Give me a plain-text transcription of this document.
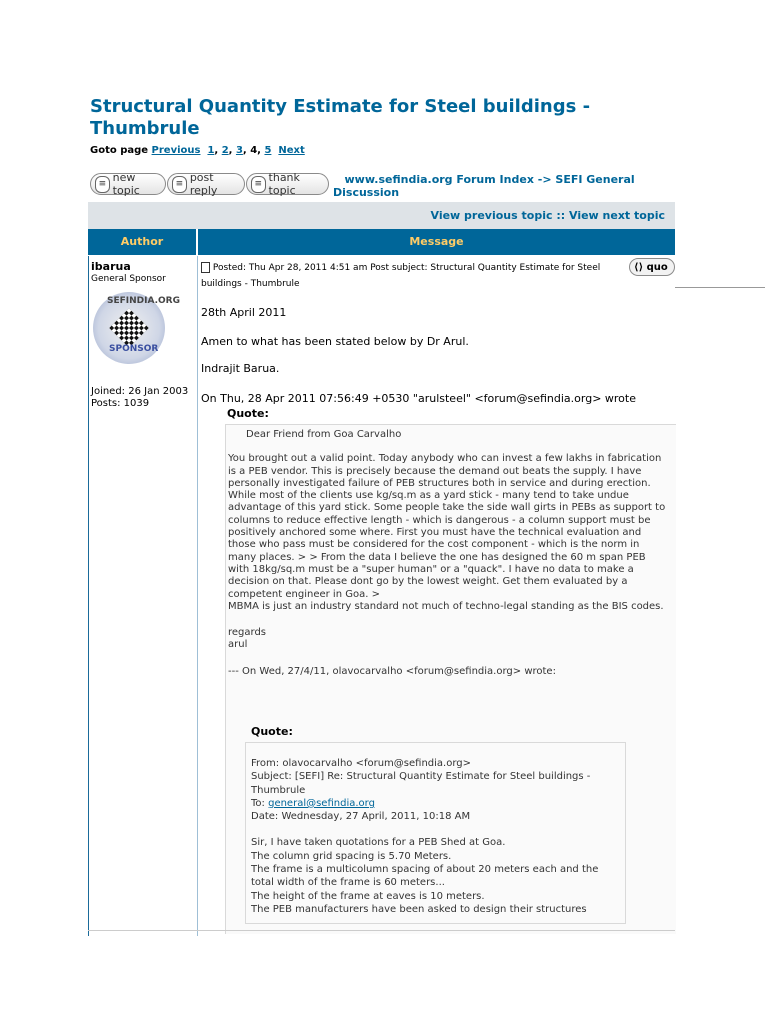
Structural Quantity Estimate for Steel buildings - Thumbrule
Goto page Previous 1, 2, 3, 4, 5 Next
≡ new topic
≡ post reply
≡ thank topic
www.sefindia.org Forum Index -> SEFI General Discussion
View previous topic :: View next topic
Author	Message
ibarua
General Sponsor
SEFINDIA.ORG
SPONSOR
Joined: 26 Jan 2003
Posts: 1039
Posted: Thu Apr 28, 2011 4:51 am Post subject: Structural Quantity Estimate for Steel buildings - Thumbrule
⟨⟩ quo
28th April 2011
Amen to what has been stated below by Dr Arul.
Indrajit Barua.
On Thu, 28 Apr 2011 07:56:49 +0530 "arulsteel" <forum@sefindia.org> wrote
Quote:

Dear Friend from Goa Carvalho

You brought out a valid point. Today anybody who can invest a few lakhs in fabrication is a PEB vendor. This is precisely because the demand out beats the supply. I have personally investigated failure of PEB structures both in service and during erection. While most of the clients use kg/sq.m as a yard stick - many tend to take undue advantage of this yard stick. Some people take the side wall girts in PEBs as support to columns to reduce effective length - which is dangerous - a column support must be positively anchored some where. First you must have the technical evaluation and those who pass must be considered for the cost component - which is the norm in many places. > > From the data I believe the one has designed the 60 m span PEB with 18kg/sq.m must be a "super human" or a "quack". I have no data to make a decision on that. Please dont go by the lowest weight. Get them evaluated by a competent engineer in Goa. >

MBMA is just an industry standard not much of techno-legal standing as the BIS codes.

regards

arul

--- On Wed, 27/4/11, olavocarvalho <forum@sefindia.org> wrote:

Quote:
From: olavocarvalho <forum@sefindia.org>
Subject: [SEFI] Re: Structural Quantity Estimate for Steel buildings - Thumbrule
To: general@sefindia.org
Date: Wednesday, 27 April, 2011, 10:18 AM
Sir, I have taken quotations for a PEB Shed at Goa.
The column grid spacing is 5.70 Meters.
The frame is a multicolumn spacing of about 20 meters each and the total width of the frame is 60 meters...
The height of the frame at eaves is 10 meters.
The PEB manufacturers have been asked to design their structures
